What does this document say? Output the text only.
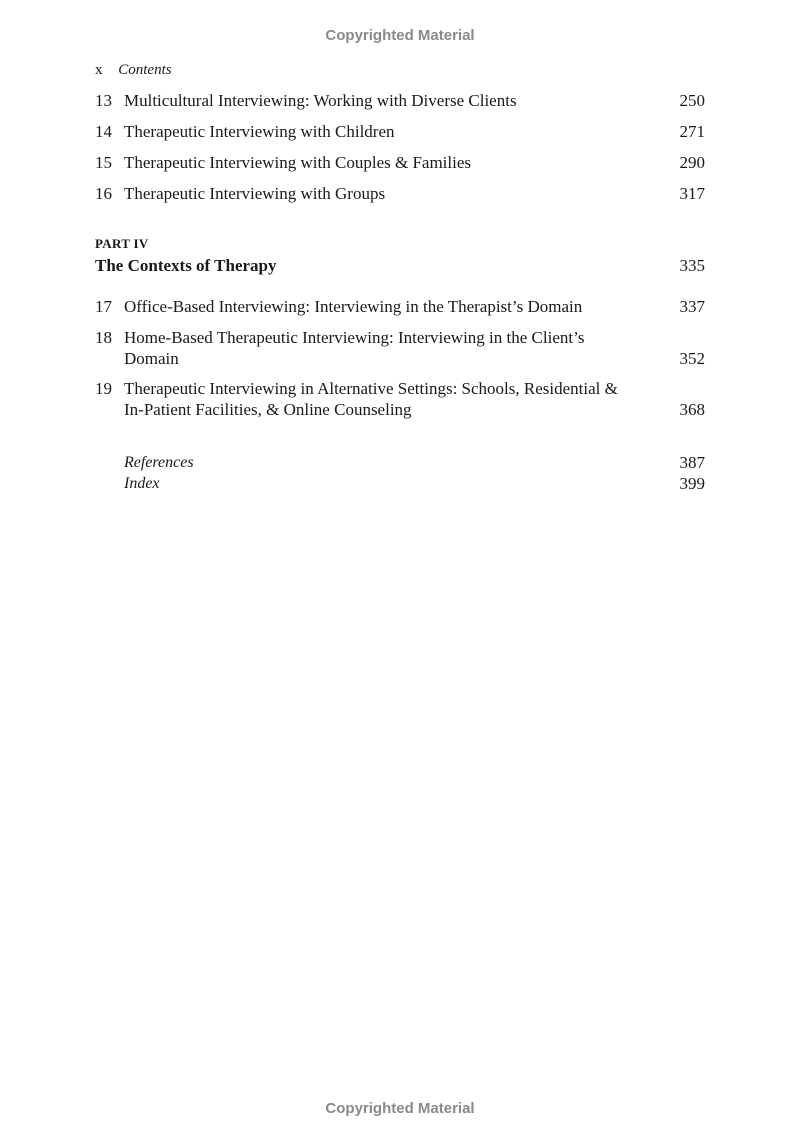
Copyrighted Material
x Contents
13 Multicultural Interviewing: Working with Diverse Clients	250
14 Therapeutic Interviewing with Children	271
15 Therapeutic Interviewing with Couples & Families	290
16 Therapeutic Interviewing with Groups	317
PART IV
The Contexts of Therapy	335
17 Office-Based Interviewing: Interviewing in the Therapist’s Domain	337
18 Home-Based Therapeutic Interviewing: Interviewing in the Client’s Domain	352
19 Therapeutic Interviewing in Alternative Settings: Schools, Residential & In-Patient Facilities, & Online Counseling	368
References	387
Index	399
Copyrighted Material
